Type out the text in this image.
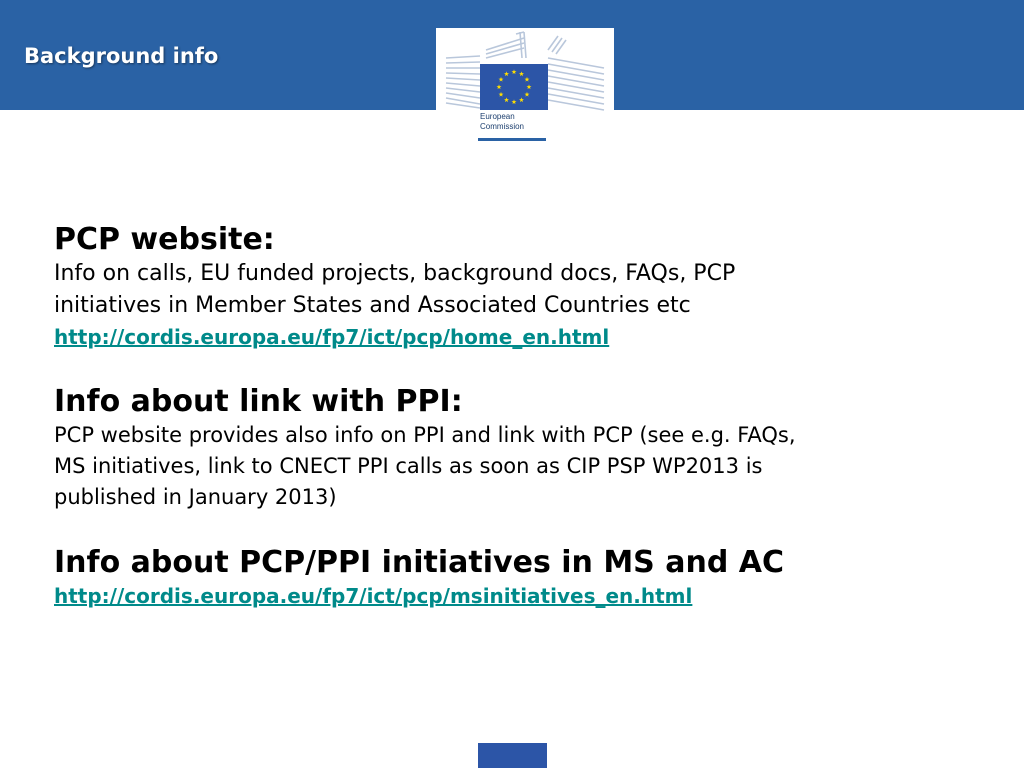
Background info
European
Commission
PCP website:
Info on calls, EU funded projects, background docs, FAQs, PCP
initiatives in Member States and Associated Countries etc
http://cordis.europa.eu/fp7/ict/pcp/home_en.html
Info about link with PPI:
PCP website provides also info on PPI and link with PCP (see e.g. FAQs,
MS initiatives, link to CNECT PPI calls as soon as CIP PSP WP2013 is
published in January 2013)
Info about PCP/PPI initiatives in MS and AC
http://cordis.europa.eu/fp7/ict/pcp/msinitiatives_en.html
